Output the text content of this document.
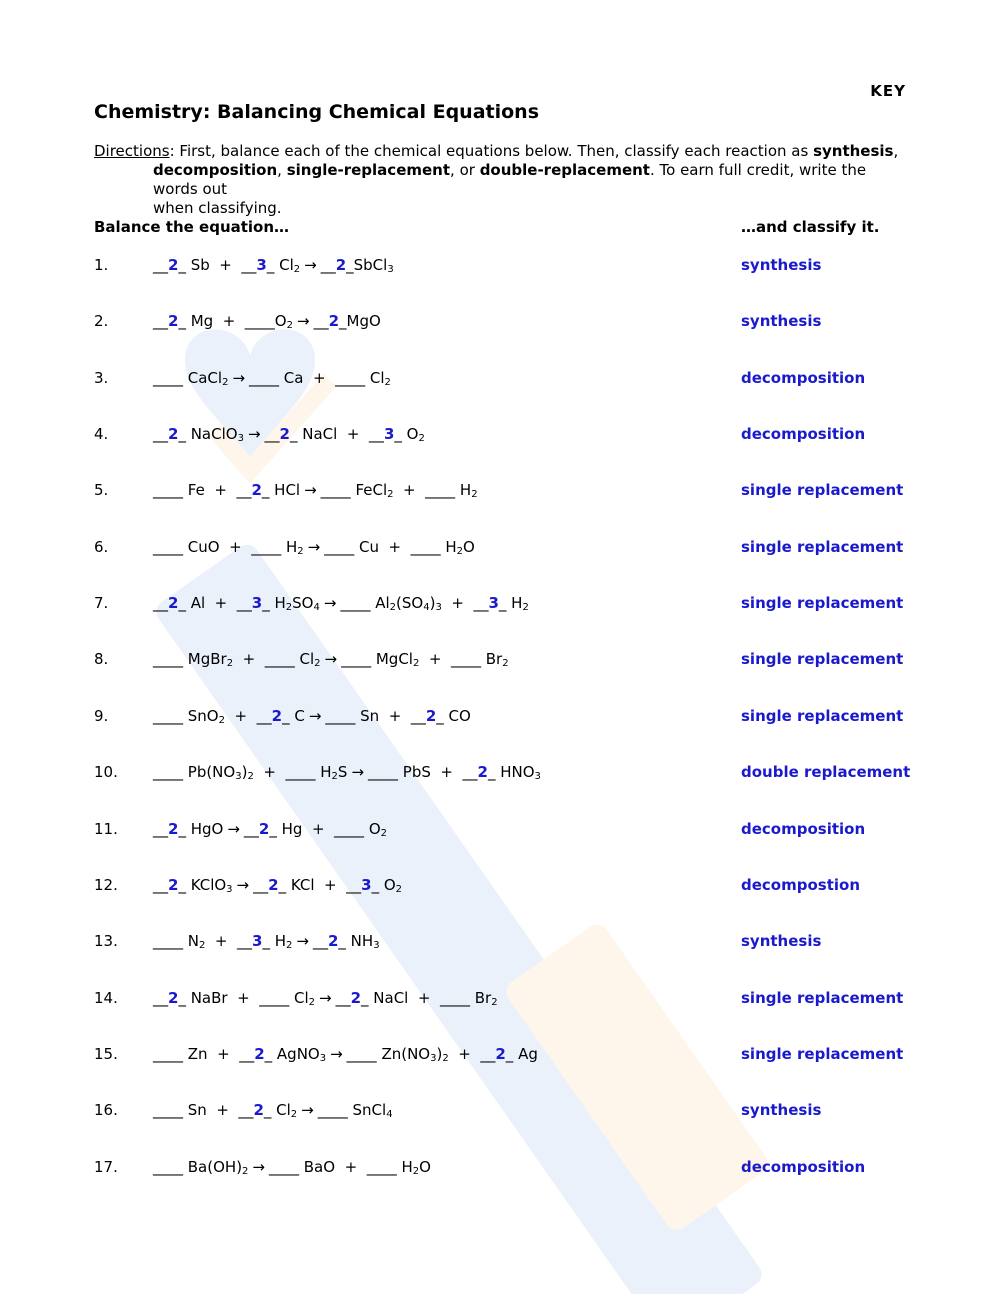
KEY
Chemistry: Balancing Chemical Equations
Directions: First, balance each of the chemical equations below. Then, classify each reaction as synthesis,
decomposition, single-replacement, or double-replacement. To earn full credit, write the words out
when classifying.
Balance the equation…	…and classify it.
1.	__2_ Sb  +  __3_ $Cl_2$ → __2_SbCl$_3$	synthesis
2.	__2_ $Mg + \_\_\_\_O_2$ → __2_MgO	synthesis
3.	____ CaCl$_2$ → ____ Ca  +  ____ $Cl_2$	decomposition
4.	__2_ NaClO$_3$ → __2_ NaCl  +  __3_ $O_2$	decomposition
5.	____ Fe  +  __2_ HCl → ____ FeCl$_2$  +  ____ $H_2$	single replacement
6.	____ CuO  +  ____ $H_2$ → ____ Cu  +  ____ $H_2O$	single replacement
7.	__2_ Al  +  __3_ $H_2SO_4$ → ____ $Al_2(SO_4)_3$  +  __3_ $H_2$	single replacement
8.	____ MgBr$_2$  +  ____ $Cl_2$ → ____ MgCl$_2$  +  ____ $Br_2$	single replacement
9.	____ SnO$_2$  +  __2_ C → ____ Sn  +  __2_ CO	single replacement
10. ____ $Pb(NO_3)_2$  +  ____ $H_2S$ → ____ PbS  +  __2_ $HNO_3$	double replacement
11. __2_ HgO → __2_ Hg  +  ____ $O_2$	decomposition
12. __2_ KClO$_3$ → __2_ KCl  +  __3_ $O_2$	decompostion
13. ____ $N_2$  +  __3_ $H_2$ → __2_ $NH_3$	synthesis
14. __2_ NaBr  +  ____ $Cl_2$ → __2_ NaCl  +  ____ $Br_2$	single replacement
15. ____ Zn  +  __2_ AgNO$_3$ → ____ $Zn(NO_3)_2$  +  __2_ Ag	single replacement
16. ____ Sn  +  __2_ $Cl_2$ → ____ SnCl$_4$	synthesis
17. ____ $Ba(OH)_2$ → ____ BaO  +  ____ $H_2O$	decomposition
